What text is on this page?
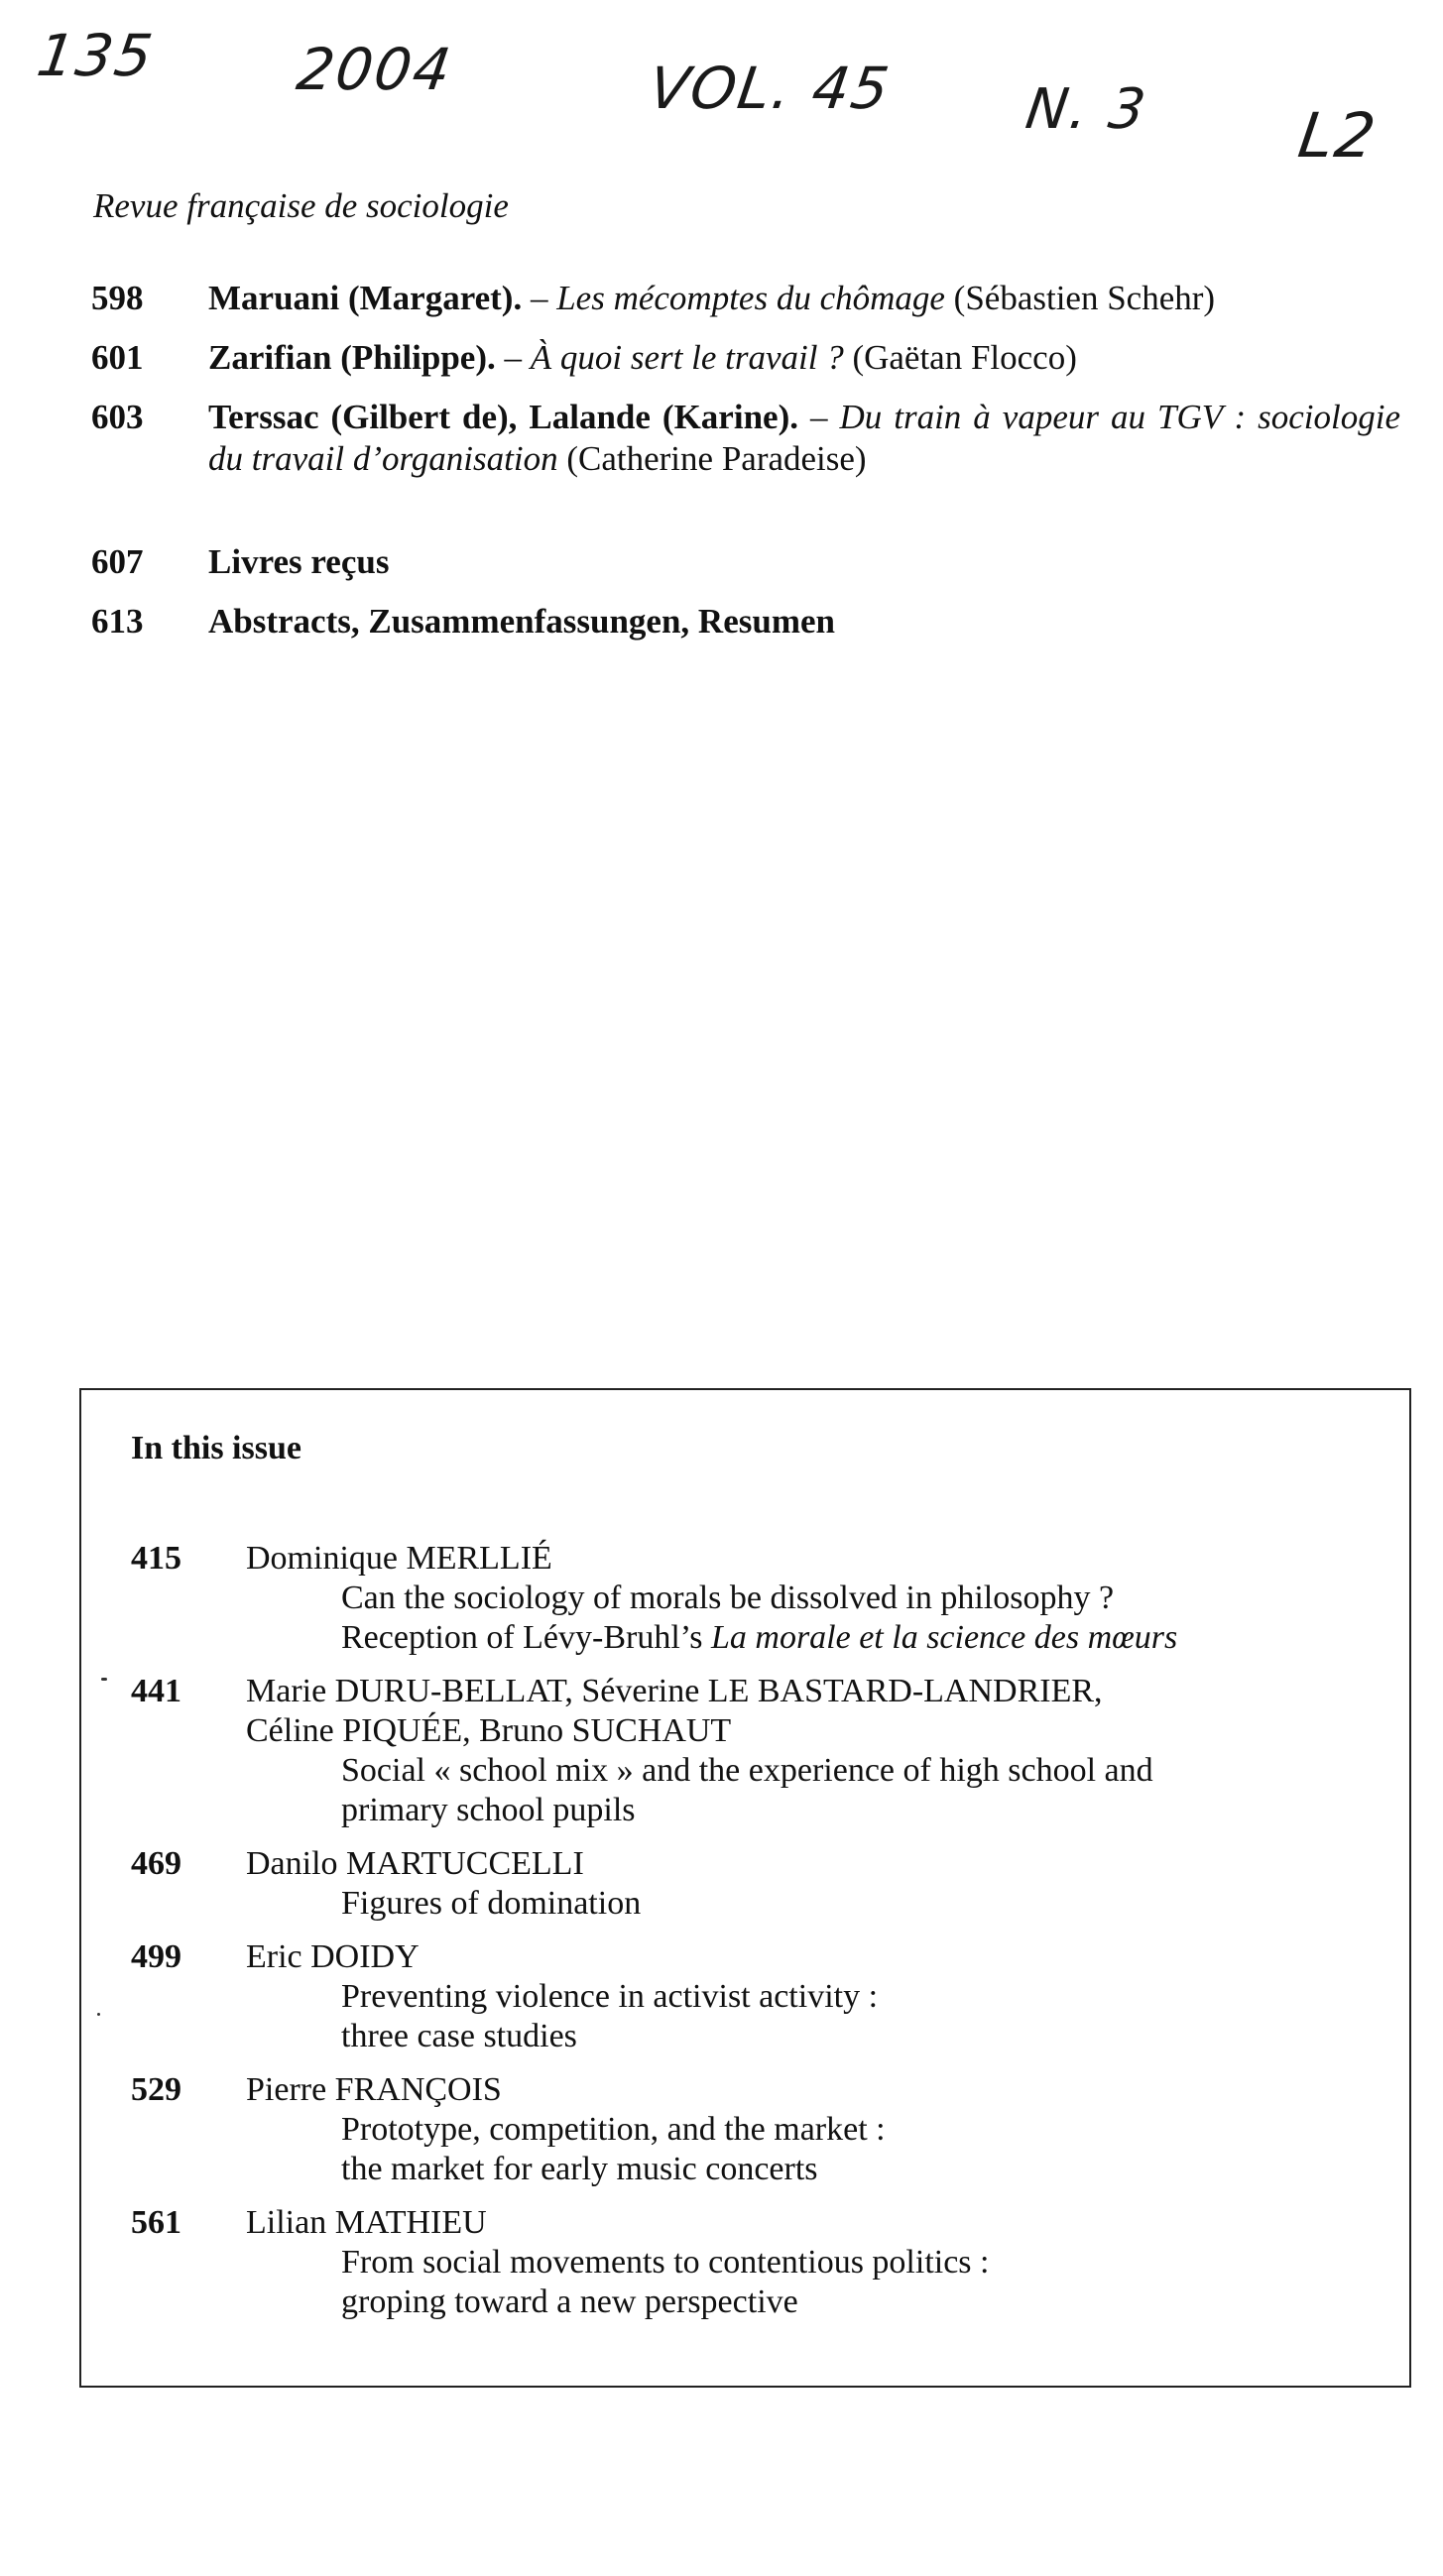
135 2004	VOL. 45 N. 3 L2
Revue française de sociologie
598	Maruani (Margaret). – Les mécomptes du chômage (Sébastien Schehr)
601	Zarifian (Philippe). – À quoi sert le travail ? (Gaëtan Flocco)
603	Terssac (Gilbert de), Lalande (Karine). – Du train à vapeur au TGV : sociologie du travail d’organisation (Catherine Paradeise)
607	Livres reçus
613	Abstracts, Zusammenfassungen, Resumen
In this issue
415	Dominique MERLLIÉ
Can the sociology of morals be dissolved in philosophy ?
Reception of Lévy-Bruhl’s La morale et la science des mœurs
441	Marie DURU-BELLAT, Séverine LE BASTARD-LANDRIER,
Céline PIQUÉE, Bruno SUCHAUT
Social « school mix » and the experience of high school and
primary school pupils
469	Danilo MARTUCCELLI
Figures of domination
499	Eric DOIDY
Preventing violence in activist activity :
three case studies
529	Pierre FRANÇOIS
Prototype, competition, and the market :
the market for early music concerts
561	Lilian MATHIEU
From social movements to contentious politics :
groping toward a new perspective
